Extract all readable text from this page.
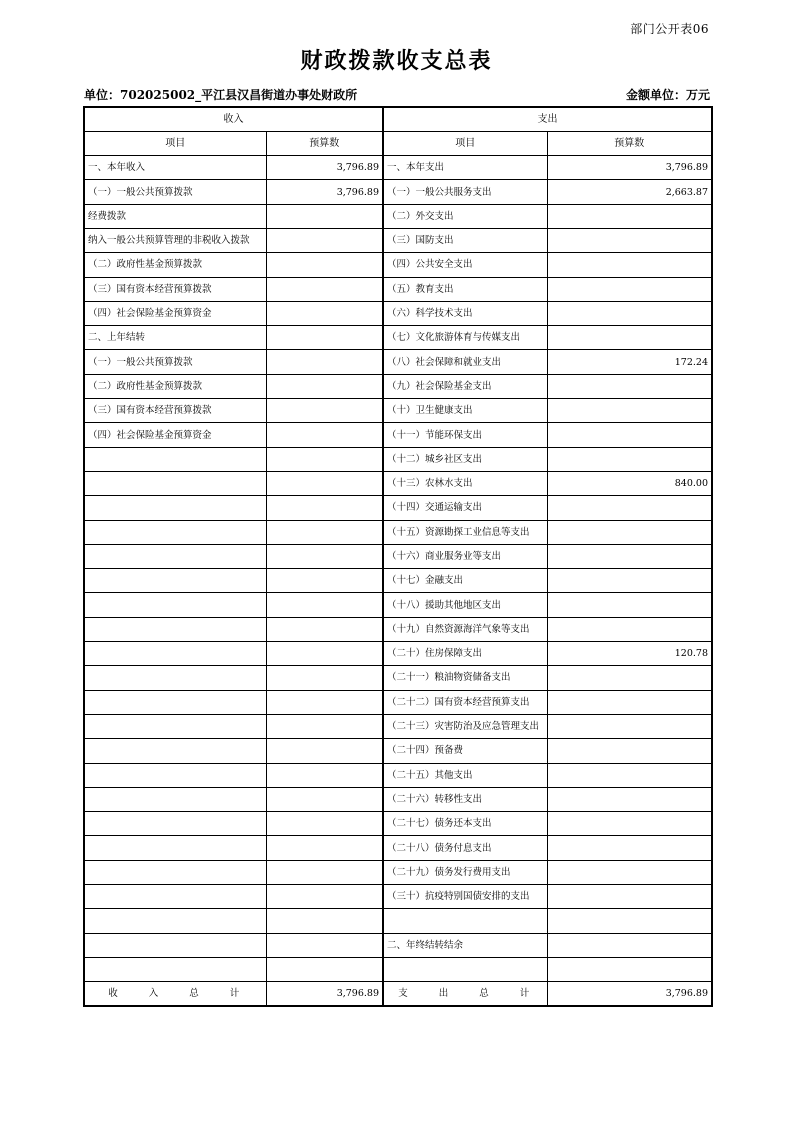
部门公开表06
财政拨款收支总表
单位：702025002_平江县汉昌街道办事处财政所	金额单位：万元
收入		支出	
项目	预算数	项目	预算数
一、本年收入	3,796.89	一、本年支出	3,796.89
（一）一般公共预算拨款	3,796.89	（一）一般公共服务支出	2,663.87
经费拨款		（二）外交支出	
纳入一般公共预算管理的非税收入拨款		（三）国防支出	
（二）政府性基金预算拨款		（四）公共安全支出	
（三）国有资本经营预算拨款		（五）教育支出	
（四）社会保险基金预算资金		（六）科学技术支出	
二、上年结转		（七）文化旅游体育与传媒支出	
（一）一般公共预算拨款		（八）社会保障和就业支出	172.24
（二）政府性基金预算拨款		（九）社会保险基金支出	
（三）国有资本经营预算拨款		（十）卫生健康支出	
（四）社会保险基金预算资金		（十一）节能环保支出	
		（十二）城乡社区支出	
		（十三）农林水支出	840.00
		（十四）交通运输支出	
		（十五）资源勘探工业信息等支出	
		（十六）商业服务业等支出	
		（十七）金融支出	
		（十八）援助其他地区支出	
		（十九）自然资源海洋气象等支出	
		（二十）住房保障支出	120.78
		（二十一）粮油物资储备支出	
		（二十二）国有资本经营预算支出	
		（二十三）灾害防治及应急管理支出	
		（二十四）预备费	
		（二十五）其他支出	
		（二十六）转移性支出	
		（二十七）债务还本支出	
		（二十八）债务付息支出	
		（二十九）债务发行费用支出	
		（三十）抗疫特别国债安排的支出	

		二、年终结转结余	

收 入 总 计	3,796.89	支 出 总 计	3,796.89
